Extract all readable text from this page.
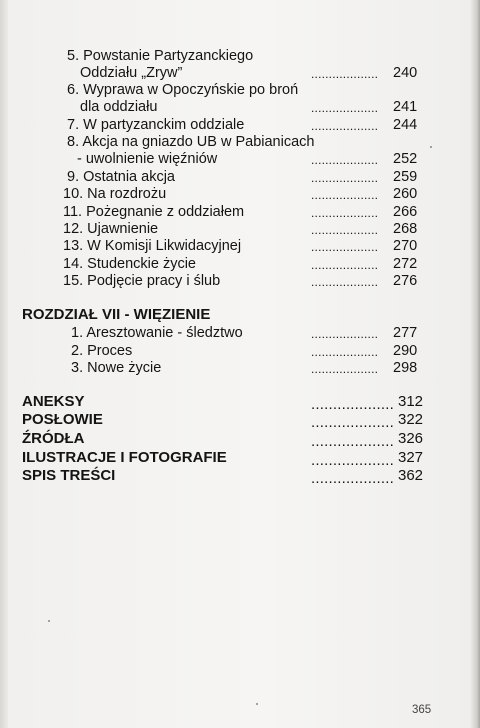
5. Powstanie Partyzanckiego
Oddziału „Zryw”	................... 240
6. Wyprawa w Opoczyńskie po broń
dla oddziału	................... 241
7. W partyzanckim oddziale	................... 244
8. Akcja na gniazdo UB w Pabianicach
- uwolnienie więźniów	................... 252
9. Ostatnia akcja	................... 259
10. Na rozdrożu	................... 260
11. Pożegnanie z oddziałem	................... 266
12. Ujawnienie	................... 268
13. W Komisji Likwidacyjnej	................... 270
14. Studenckie życie	................... 272
15. Podjęcie pracy i ślub	................... 276
ROZDZIAŁ VII - WIĘZIENIE
1. Aresztowanie - śledztwo	................... 277
2. Proces	................... 290
3. Nowe życie	................... 298
ANEKSY	................... 312
POSŁOWIE	................... 322
ŹRÓDŁA	................... 326
ILUSTRACJE I FOTOGRAFIE	................... 327
SPIS TREŚCI	................... 362
365
